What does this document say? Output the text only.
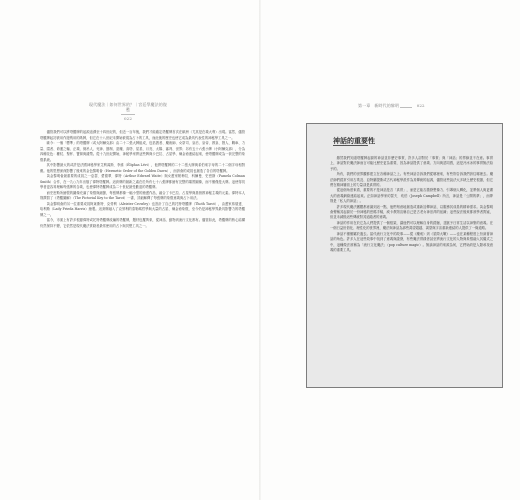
現代魔法｜如何世界的？｜宮廷學魔法的復甦
022
第一章　新時代的黎明	022

儘管我們可以將塔羅牌的起源追溯至十四世紀的，但近一百年後，我們才能確定塔羅牌首次在歐洲（尤其是在義大利）出現。當然，儘管塔羅牌起初被用作遊戲用的紙牌，但它在十八世紀末開始被視為占卜的工具，而此後的歷史也使它成為最具代表性的神秘學工具之一。

歐今：一個「標準」的塔羅牌（或大阿爾克那）由二十二張大牌組成，包括愚者、魔術師、女祭司、皇后、皇帝、教皇、戀人、戰車、力量、隱者、命運之輪、正義、倒吊人、死神、節制、惡魔、高塔、星星、月亮、太陽、審判、世界；另有五十六張小牌（小阿爾克那），分為四種花色：權杖、聖杯、寶劍與錢幣。從十九世紀開始，神秘學家將這些牌與卡巴拉、占星學、煉金術連結起來，使塔羅牌成為一套完整的象徵系統。

其中影響最大的或許是法國神秘學家艾利馮斯．李維（Éliphas Lévi），他將塔羅牌的二十二張大牌與希伯來字母的二十二個字母相對應。他的思想深深影響了後來的金色黎明會（Hermetic Order of the Golden Dawn），而該會的成員也創造了各自的塔羅牌。

黃金黎明會最重要的成員之一亞瑟．愛德華．偉特（Arthur Edward Waite）與女畫家帕梅拉．科爾曼．史密斯（Pamela Colman Smith）合作，在一九○九年出版了偉特塔羅牌。這套牌的創新之處在於所有七十八張牌都繪有完整的場景圖像，而不僅僅是大牌。這使得初學者更容易理解每張牌的含義，也使偉特塔羅牌成為二十世紀最受歡迎的塔羅牌。

而史密斯所繪製的圖像充滿了象徵與細節，每張牌都像一幅小型的繪畫作品，融合了卡巴拉、占星學與基督教神秘主義的元素。偉特本人則撰寫了《塔羅圖解》（The Pictorial Key to the Tarot）一書，詳細解釋了每張牌的象徵意義與占卜用法。

黃金黎明會的另一位重要成員阿萊斯特．克勞利（Aleister Crowley）也設計了自己的托特塔羅牌（Thoth Tarot），由畫家弗瑞達．哈利斯（Lady Frieda Harris）繪製。這套牌融入了克勞利的泰勒瑪哲學與大量的占星、煉金術象徵，至今仍是神秘學界最具影響力的塔羅牌之一。

當今，市面上有許多根據偉特或托特塔羅牌改編的塔羅牌，題材包羅萬象，從神話、動物到流行文化都有。儘管如此，塔羅牌的核心結構仍然保持不變，它依然是現代魔法實踐者最常使用的占卜與冥想工具之一。

神話的重要性

雖然我們知道塔羅牌起源的神話並非歷史事實，許多人卻對於「事實」與「神話」的界線並不在意。事實上，神話對於魔法師而言可能比歷史更為重要，因為神話提供了意義、方向與認同感，這是冷冰冰的事實無法給予的。

所有，我們的世界觀都建立在各種神話之上。有些神話告訴我們從哪裡來，有些則告訴我們該往哪裡去。魔法師們經常引用古埃及、亞特蘭提斯或古代神秘學派作為其傳統的起源，儘管這些說法大多缺乏歷史根據，但它們在精神層面上的力量卻是真實的。

從這個角度來看，重要的不是神話是否「真實」，而是它能否激發想像力、引導個人轉化，並將個人與更廣大的意義網絡連結起來。正如神話學家約瑟夫．坎伯（Joseph Campbell）所言，神話是「公開的夢」，而夢則是「私人的神話」。

許多現代魔法團體都意識到這一點，他們刻意地創造或重新詮釋神話，以服務其成員的精神需求。黃金黎明會聲稱其起源於一份神秘的密碼手稿，威卡教則宣稱自己是古老女神崇拜的延續；這些說法後來都被學者質疑，但並未減損這些傳統對其追隨者的意義。

神話的作用在於它為人們提供了一個框架，讓他們可以理解自身的經驗，並賦予日常生活以神聖的意義。在一個日益世俗化、理性化的世界裡，魔法與神話為那些渴望超越、渴望與宇宙重新連結的人提供了一條道路。

神話不僅僅屬於過去。當代流行文化中的故事——從《魔戒》到《星際大戰》——也在某種程度上扮演著神話的角色。許多人在這些故事中找到了意義與啟發，有些魔法實踐者甚至將流行文化的人物與象徵融入其儀式之中，這種做法被稱為「流行文化魔法」（pop culture magic）。無論神話的來源為何，它們始終是人類尋找意義的重要工具。
